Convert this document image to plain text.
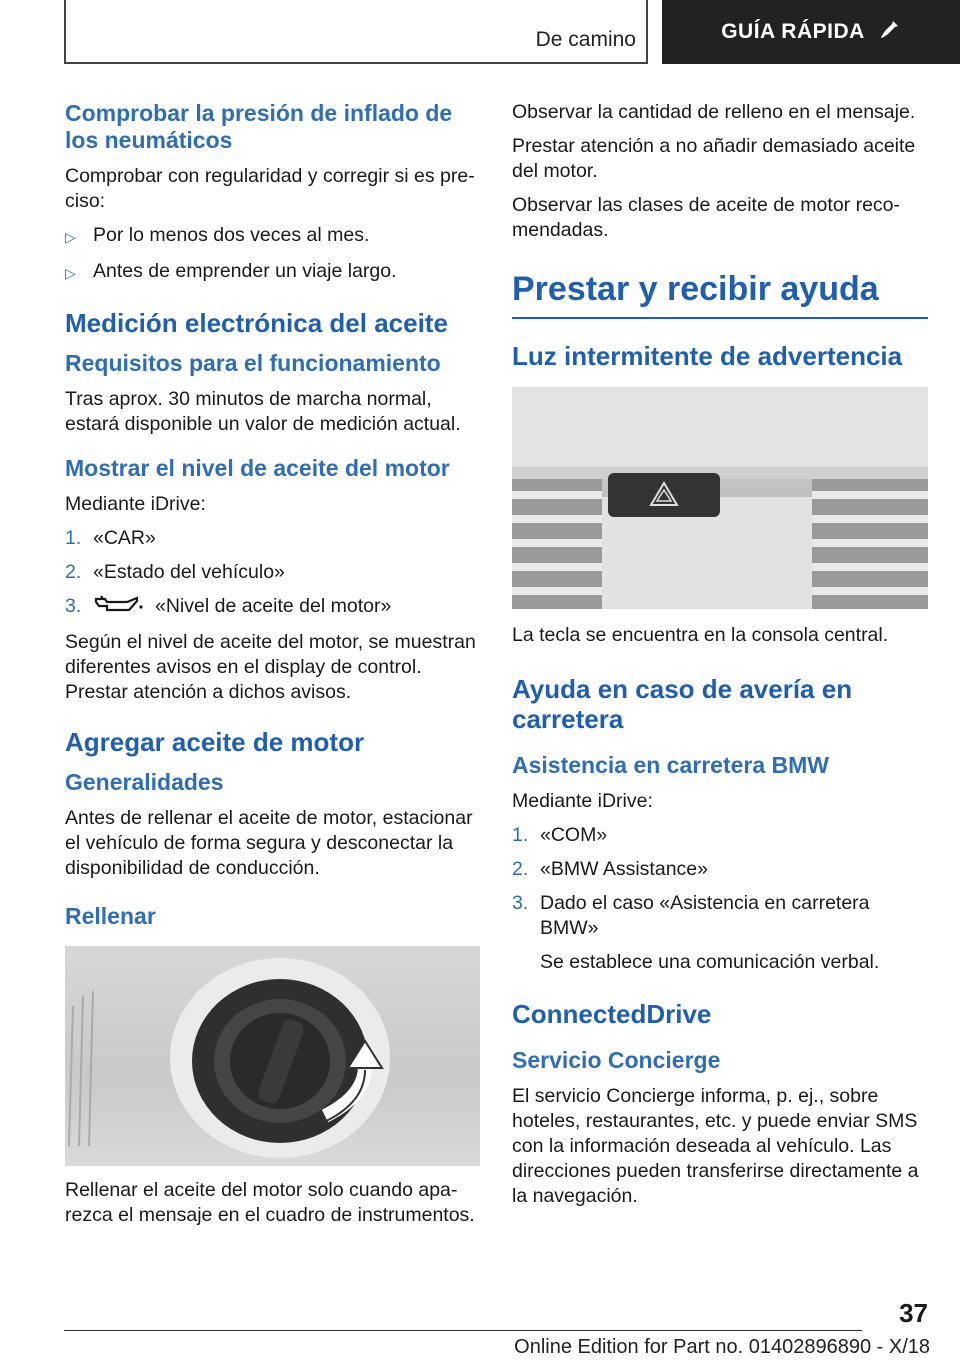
De camino	GUÍA RÁPIDA
Comprobar la presión de inflado de los neumáticos
Comprobar con regularidad y corregir si es preciso:
▷ Por lo menos dos veces al mes.
▷ Antes de emprender un viaje largo.
Medición electrónica del aceite
Requisitos para el funcionamiento
Tras aprox. 30 minutos de marcha normal, estará disponible un valor de medición actual.
Mostrar el nivel de aceite del motor
Mediante iDrive:
1. «CAR»
2. «Estado del vehículo»
3.	«Nivel de aceite del motor»
Según el nivel de aceite del motor, se muestran diferentes avisos en el display de control. Prestar atención a dichos avisos.
Agregar aceite de motor
Generalidades
Antes de rellenar el aceite de motor, estacionar el vehículo de forma segura y desconectar la disponibilidad de conducción.
Rellenar
Rellenar el aceite del motor solo cuando aparezca el mensaje en el cuadro de instrumentos.
Observar la cantidad de relleno en el mensaje.
Prestar atención a no añadir demasiado aceite del motor.
Observar las clases de aceite de motor recomendadas.
Prestar y recibir ayuda
Luz intermitente de advertencia
La tecla se encuentra en la consola central.
Ayuda en caso de avería en carretera
Asistencia en carretera BMW
Mediante iDrive:
1. «COM»
2. «BMW Assistance»
3. Dado el caso «Asistencia en carretera BMW»
Se establece una comunicación verbal.
ConnectedDrive
Servicio Concierge
El servicio Concierge informa, p. ej., sobre hoteles, restaurantes, etc. y puede enviar SMS con la información deseada al vehículo. Las direcciones pueden transferirse directamente a la navegación.
37
Online Edition for Part no. 01402896890 - X/18
